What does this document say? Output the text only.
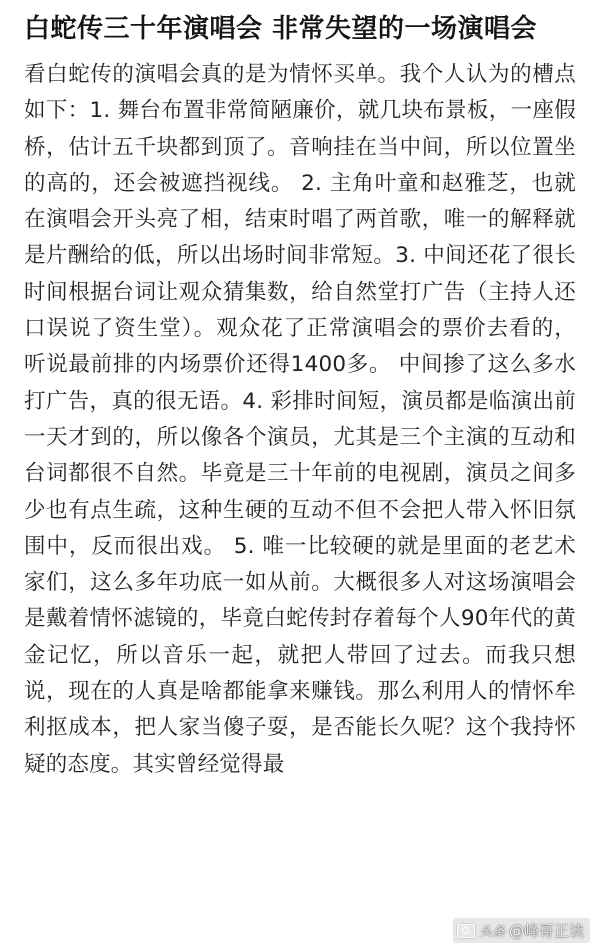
白蛇传三十年演唱会 非常失望的一场演唱会

看白蛇传的演唱会真的是为情怀买单。我个人认为的槽点如下：1. 舞台布置非常简陋廉价，就几块布景板，一座假桥，估计五千块都到顶了。音响挂在当中间，所以位置坐的高的，还会被遮挡视线。 2. 主角叶童和赵雅芝，也就在演唱会开头亮了相，结束时唱了两首歌，唯一的解释就是片酬给的低，所以出场时间非常短。3. 中间还花了很长时间根据台词让观众猜集数，给自然堂打广告（主持人还口误说了资生堂）。观众花了正常演唱会的票价去看的，听说最前排的内场票价还得1400多。 中间掺了这么多水打广告，真的很无语。4. 彩排时间短，演员都是临演出前一天才到的，所以像各个演员，尤其是三个主演的互动和台词都很不自然。毕竟是三十年前的电视剧，演员之间多少也有点生疏，这种生硬的互动不但不会把人带入怀旧氛围中，反而很出戏。 5. 唯一比较硬的就是里面的老艺术家们，这么多年功底一如从前。大概很多人对这场演唱会是戴着情怀滤镜的，毕竟白蛇传封存着每个人90年代的黄金记忆，所以音乐一起，就把人带回了过去。而我只想说，现在的人真是啥都能拿来赚钱。那么利用人的情怀牟利抠成本，把人家当傻子耍，是否能长久呢？这个我持怀疑的态度。其实曾经觉得最

头条 @峰哥正读
